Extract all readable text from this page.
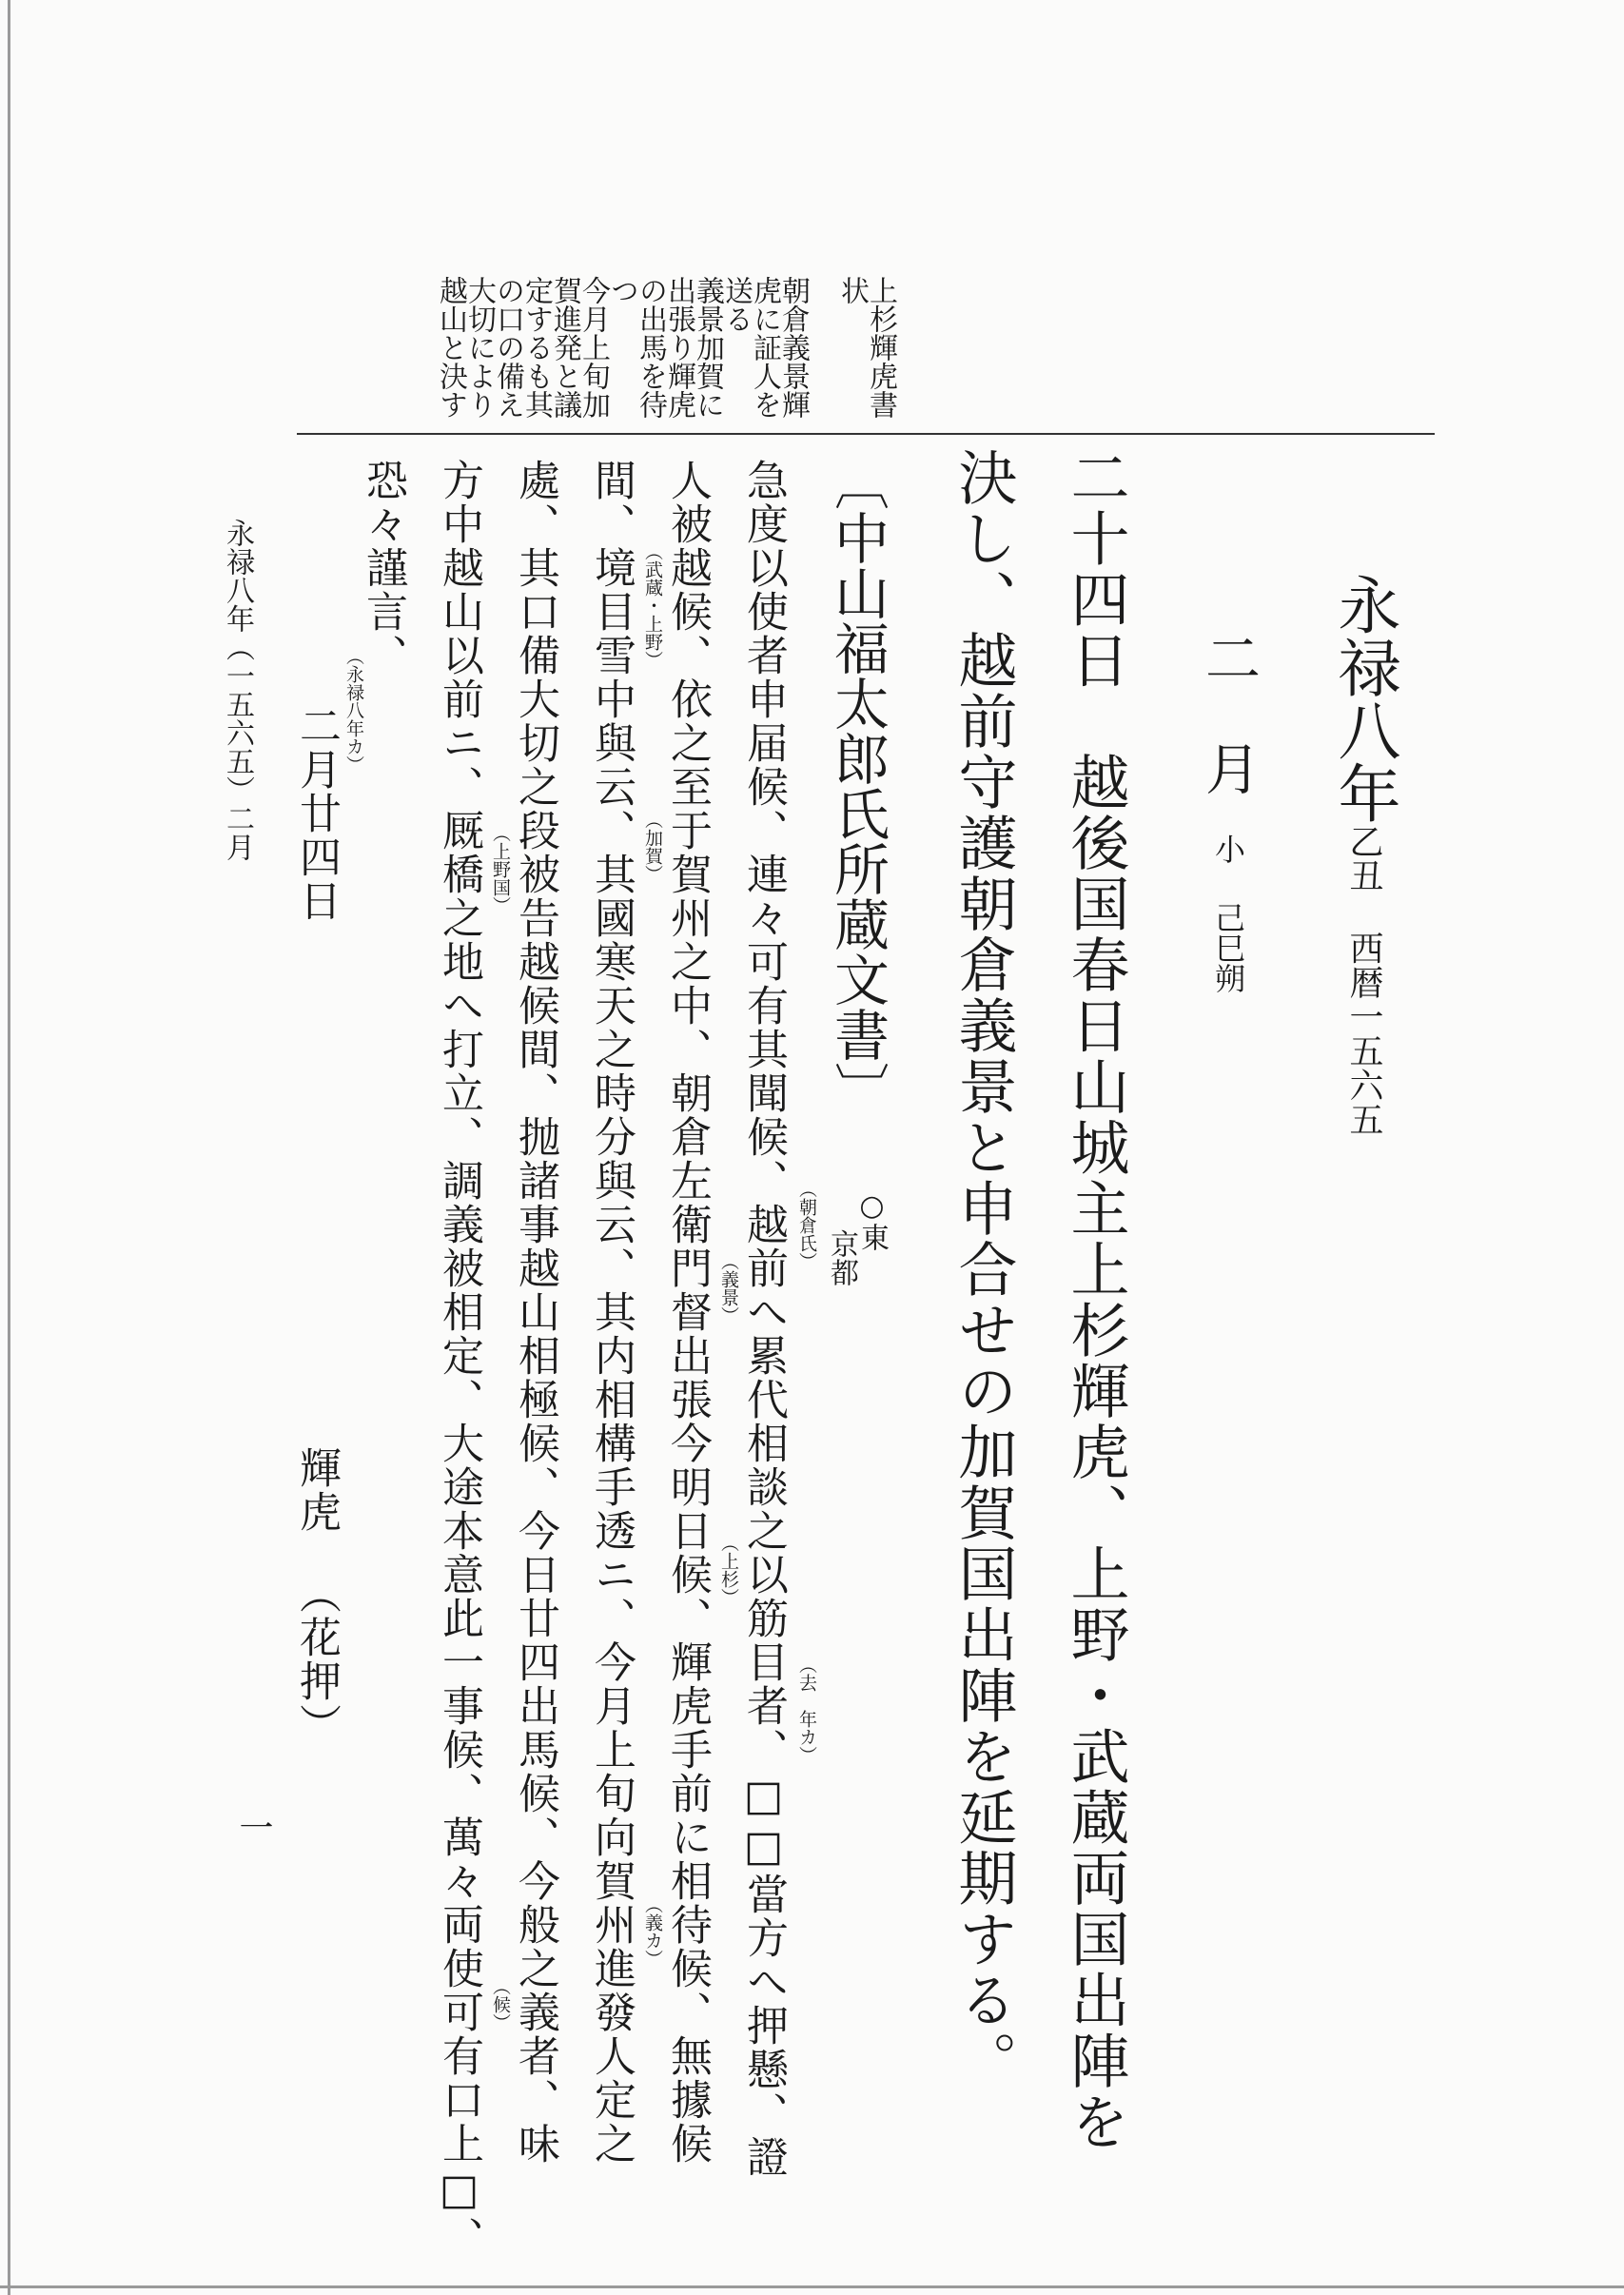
上杉輝虎書
状
朝倉義景輝
虎に証人を
送る
義景加賀に
出張り輝虎
の出馬を待
つ
今月上旬加
賀進発と議
定するも其
の口の備え
大切により
越山と決す
永禄八年乙丑西暦一五六五
二　月小己巳朔
二十四日　越後国春日山城主上杉輝虎、上野・武蔵両国出陣を
決し、越前守護朝倉義景と申合せの加賀国出陣を延期する。
〔中山福太郎氏所蔵文書〕
○東
京都
急度以使者申届候、連々可有其聞候、越前へ累代相談之以筋目者、□□當方へ押懸、證
（朝倉氏）
（去　年カ）
人被越候、依之至于賀州之中、朝倉左衛門督出張今明日候、輝虎手前に相待候、無據候
（義景）
（上杉）
間、境目雪中與云、其國寒天之時分與云、其内相構手透ニ、今月上旬向賀州進發人定之
（武蔵・上野）
（加賀）
（義カ）
處、其口備大切之段被告越候間、抛諸事越山相極候、今日廿四出馬候、今般之義者、味
方中越山以前ニ、厩橋之地へ打立、調義被相定、大途本意此一事候、萬々両使可有口上□、
（上野国）
（候）
恐々謹言、
（永禄八年カ）
二月廿四日
輝虎（花押）
永禄八年（一五六五）二月
一
